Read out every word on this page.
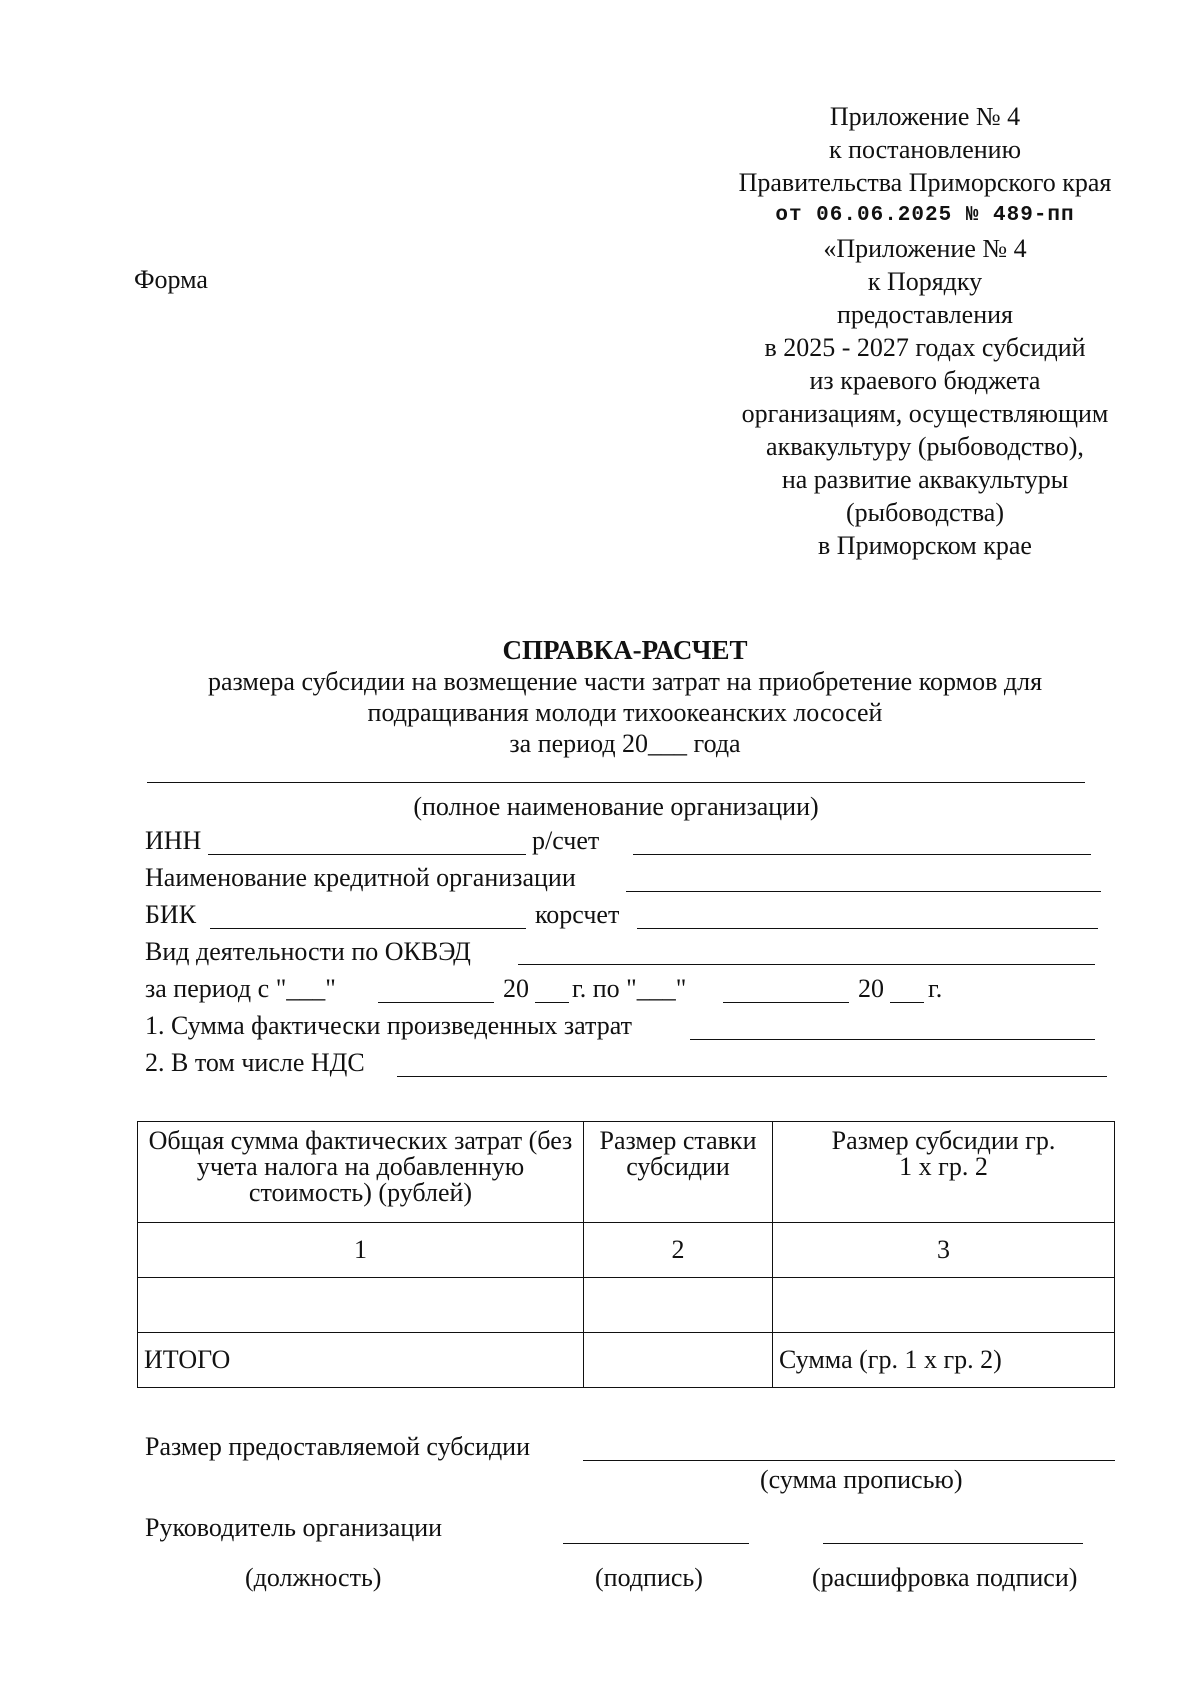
Приложение № 4
к постановлению
Правительства Приморского края
от 06.06.2025 № 489-пп
«Приложение № 4
к Порядку
предоставления
в 2025 - 2027 годах субсидий
из краевого бюджета
организациям, осуществляющим
аквакультуру (рыбоводство),
на развитие аквакультуры
(рыбоводства)
в Приморском крае
Форма
СПРАВКА-РАСЧЕТ
размера субсидии на возмещение части затрат на приобретение кормов для
подращивания молоди тихоокеанских лососей
за период 20___ года
(полное наименование организации)
ИНН	р/счет
Наименование кредитной организации
БИК	корсчет
Вид деятельности по ОКВЭД
за период с "___"	20 г. по "___"	20 г.
1. Сумма фактически произведенных затрат
2. В том числе НДС
Общая сумма фактических затрат (без учета налога на добавленную стоимость) (рублей)	Размер ставки субсидии	Размер субсидии гр. 1 х гр. 2
1	2	3

ИТОГО		Сумма (гр. 1 х гр. 2)
Размер предоставляемой субсидии
(сумма прописью)
Руководитель организации
(должность)	(подпись)	(расшифровка подписи)
